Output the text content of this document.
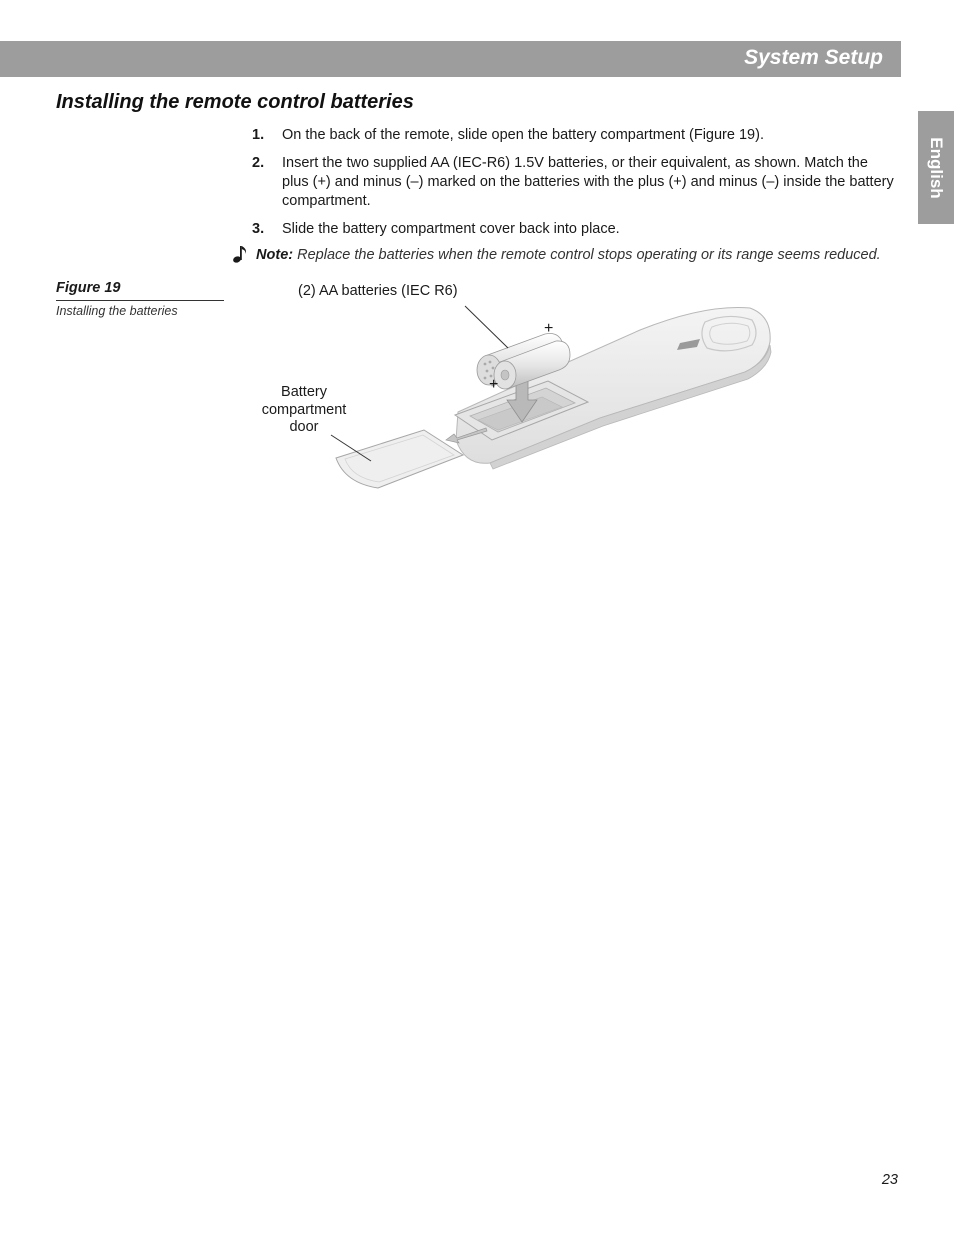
System Setup
English
Installing the remote control batteries
1. On the back of the remote, slide open the battery compartment (Figure 19).
2. Insert the two supplied AA (IEC-R6) 1.5V batteries, or their equivalent, as shown. Match the plus (+) and minus (–) marked on the batteries with the plus (+) and minus (–) inside the battery compartment.
3. Slide the battery compartment cover back into place.
Note: Replace the batteries when the remote control stops operating or its range seems reduced.
Figure 19
Installing the batteries
(2) AA batteries (IEC R6)
Battery
compartment
door
+
+
23
